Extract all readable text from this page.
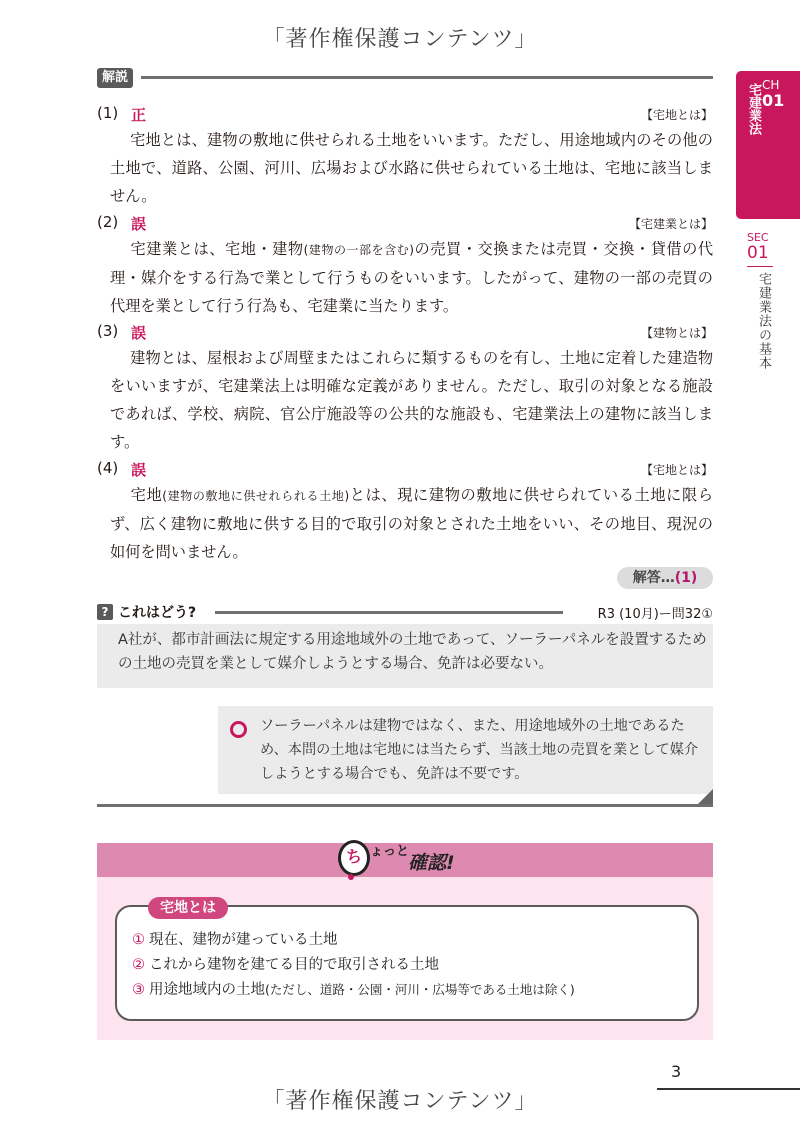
「著作権保護コンテンツ」
解説
(1) 正	【宅地とは】
宅地とは、建物の敷地に供せられる土地をいいます。ただし、用途地域内のその他の土地で、道路、公園、河川、広場および水路に供せられている土地は、宅地に該当しません。
(2) 誤	【宅建業とは】
宅建業とは、宅地・建物(建物の一部を含む)の売買・交換または売買・交換・貸借の代理・媒介をする行為で業として行うものをいいます。したがって、建物の一部の売買の代理を業として行う行為も、宅建業に当たります。
(3) 誤	【建物とは】
建物とは、屋根および周壁またはこれらに類するものを有し、土地に定着した建造物をいいますが、宅建業法上は明確な定義がありません。ただし、取引の対象となる施設であれば、学校、病院、官公庁施設等の公共的な施設も、宅建業法上の建物に該当します。
(4) 誤	【宅地とは】
宅地(建物の敷地に供せれられる土地)とは、現に建物の敷地に供せられている土地に限らず、広く建物に敷地に供する目的で取引の対象とされた土地をいい、その地目、現況の如何を問いません。
解答…(1)
? これはどう?	R3 (10月)ー問32①
A社が、都市計画法に規定する用途地域外の土地であって、ソーラーパネルを設置するための土地の売買を業として媒介しようとする場合、免許は必要ない。
ソーラーパネルは建物ではなく、また、用途地域外の土地であるため、本問の土地は宅地には当たらず、当該土地の売買を業として媒介しようとする場合でも、免許は不要です。
ち ょっと
確認!
宅地とは
① 現在、建物が建っている土地
② これから建物を建てる目的で取引される土地
③ 用途地域内の土地(ただし、道路・公園・河川・広場等である土地は除く)
宅建業法 CH
01
SEC
01
宅建業法の基本
3
「著作権保護コンテンツ」
